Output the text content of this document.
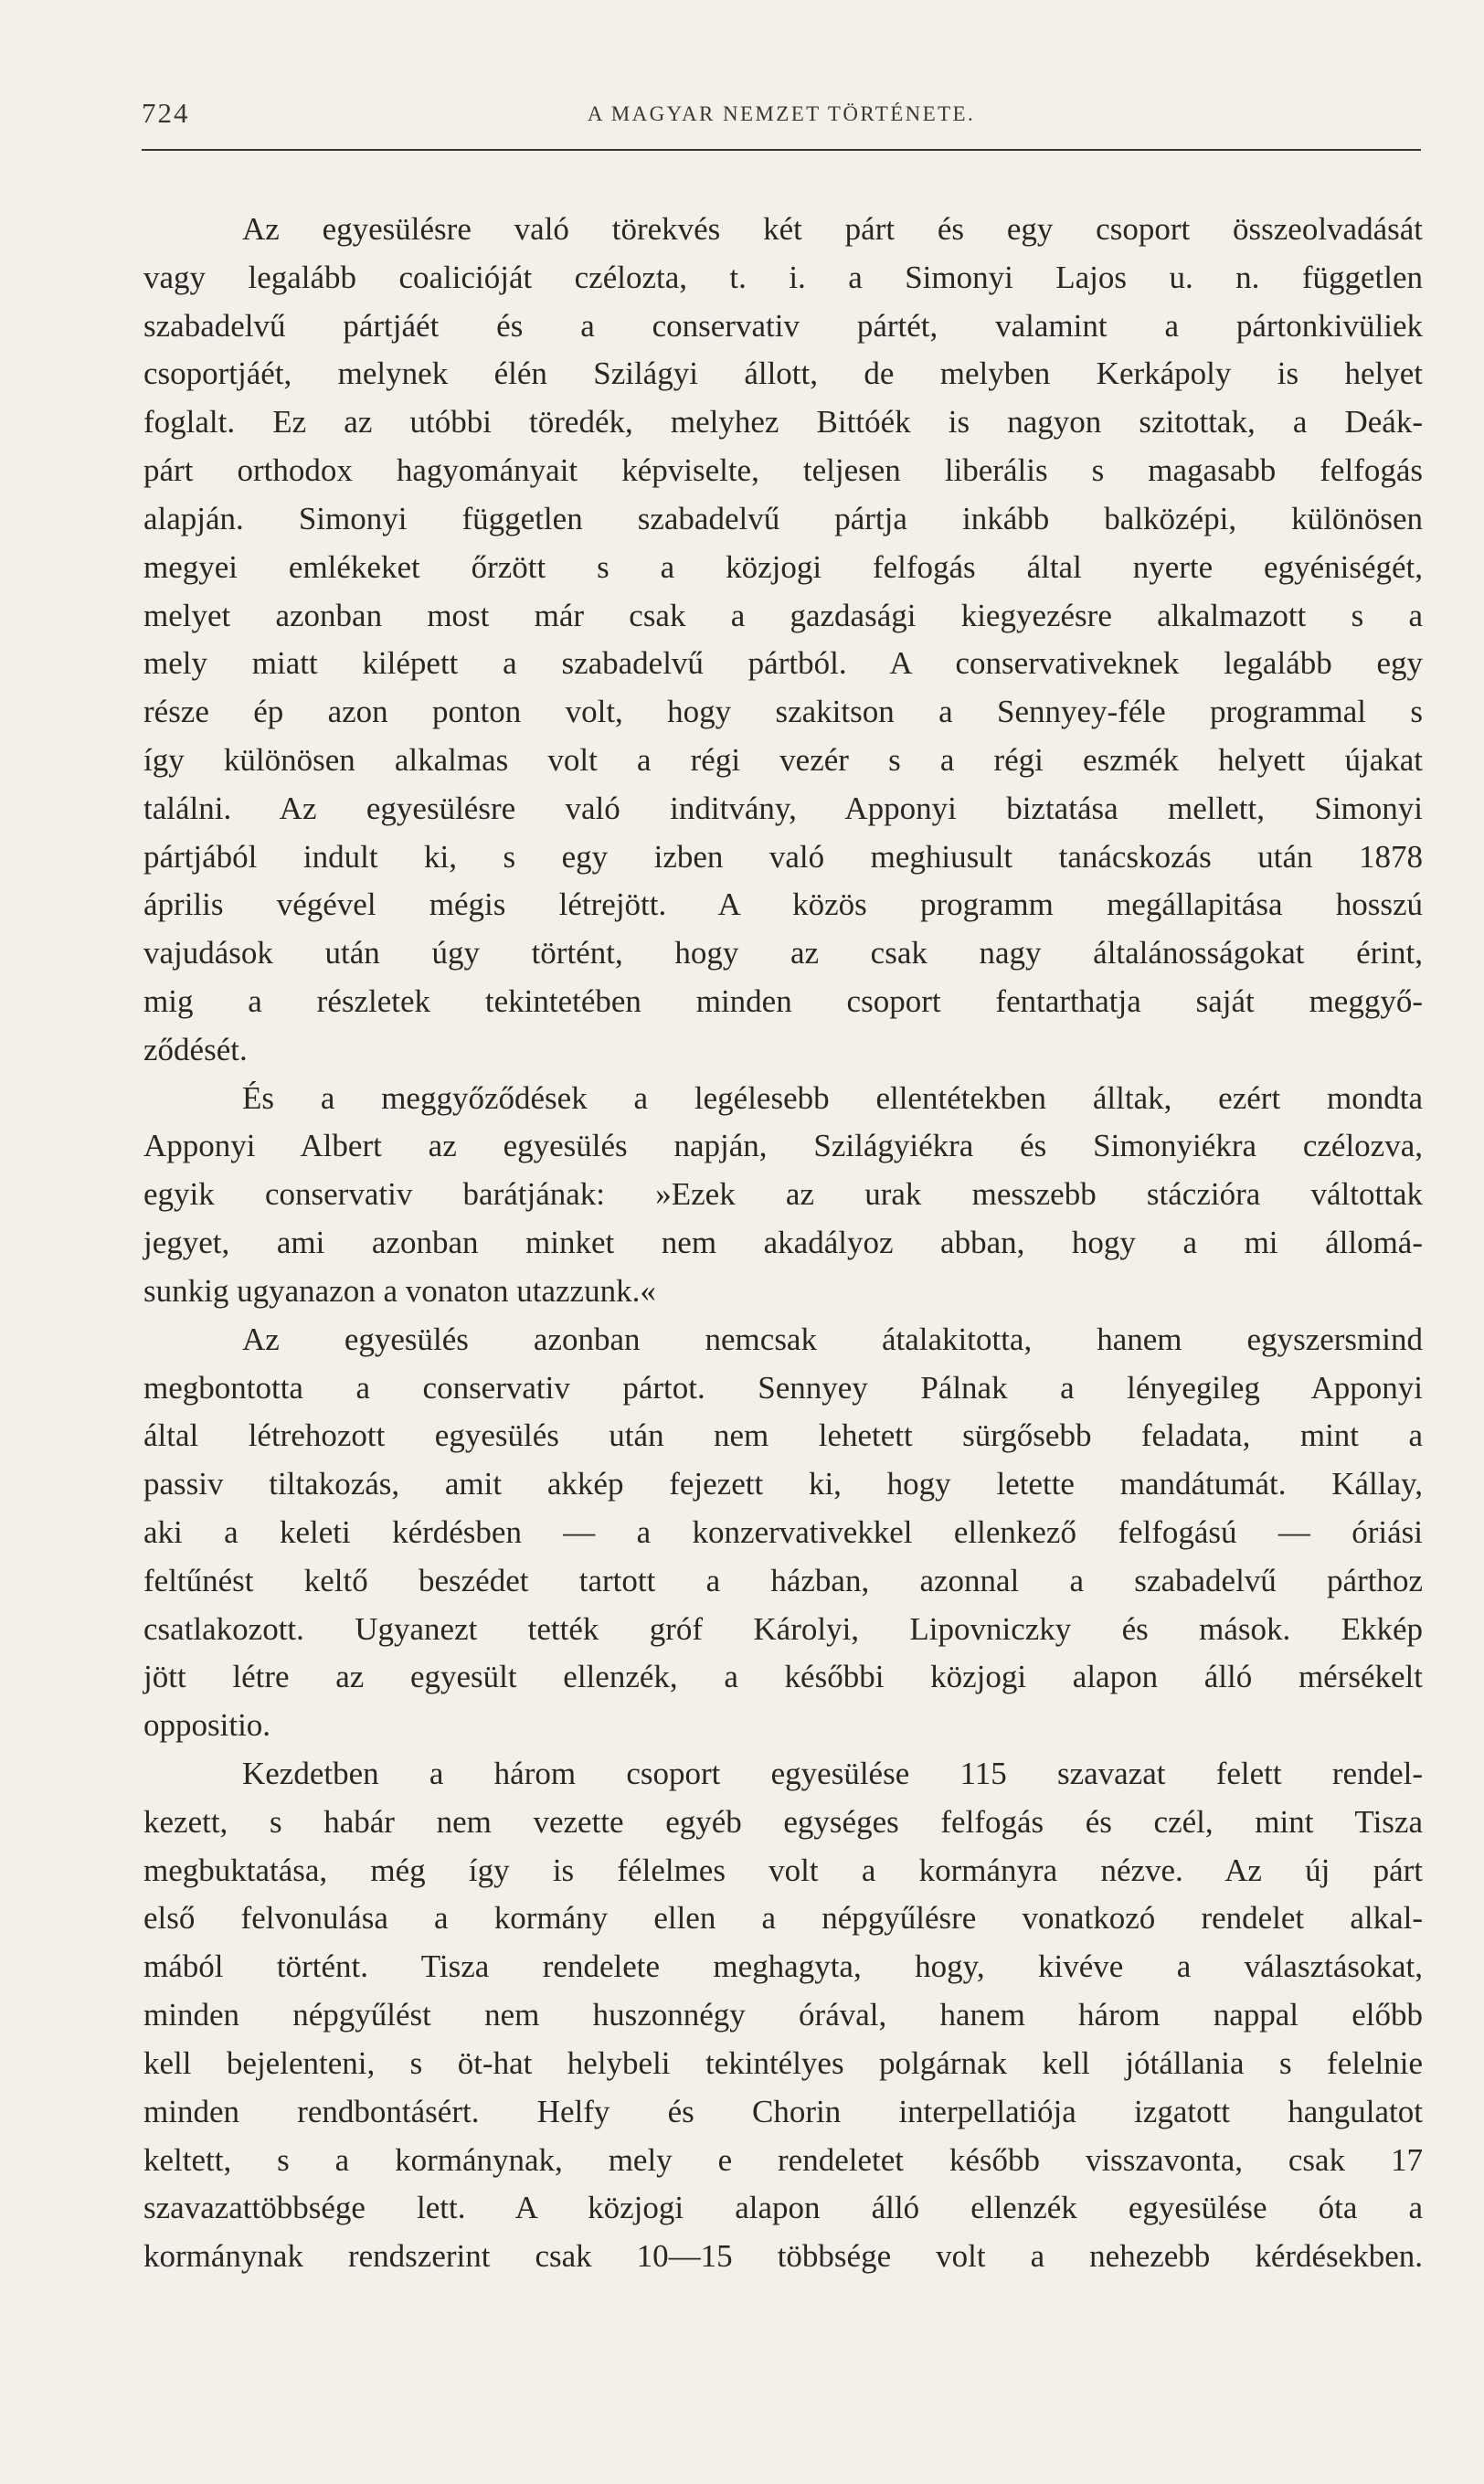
724	A MAGYAR NEMZET TÖRTÉNETE.
Az egyesülésre való törekvés két párt és egy csoport összeolvadását
vagy legalább coalicióját czélozta, t. i. a Simonyi Lajos u. n. független
szabadelvű pártjáét és a conservativ pártét, valamint a pártonkivüliek
csoportjáét, melynek élén Szilágyi állott, de melyben Kerkápoly is helyet
foglalt. Ez az utóbbi töredék, melyhez Bittóék is nagyon szitottak, a Deák-
párt orthodox hagyományait képviselte, teljesen liberális s magasabb felfogás
alapján. Simonyi független szabadelvű pártja inkább balközépi, különösen
megyei emlékeket őrzött s a közjogi felfogás által nyerte egyéniségét,
melyet azonban most már csak a gazdasági kiegyezésre alkalmazott s a
mely miatt kilépett a szabadelvű pártból. A conservativeknek legalább egy
része ép azon ponton volt, hogy szakitson a Sennyey-féle programmal s
így különösen alkalmas volt a régi vezér s a régi eszmék helyett újakat
találni. Az egyesülésre való inditvány, Apponyi biztatása mellett, Simonyi
pártjából indult ki, s egy izben való meghiusult tanácskozás után 1878
április végével mégis létrejött. A közös programm megállapitása hosszú
vajudások után úgy történt, hogy az csak nagy általánosságokat érint,
mig a részletek tekintetében minden csoport fentarthatja saját meggyő-
ződését.
És a meggyőződések a legélesebb ellentétekben álltak, ezért mondta
Apponyi Albert az egyesülés napján, Szilágyiékra és Simonyiékra czélozva,
egyik conservativ barátjának: »Ezek az urak messzebb stáczióra váltottak
jegyet, ami azonban minket nem akadályoz abban, hogy a mi állomá-
sunkig ugyanazon a vonaton utazzunk.«
Az egyesülés azonban nemcsak átalakitotta, hanem egyszersmind
megbontotta a conservativ pártot. Sennyey Pálnak a lényegileg Apponyi
által létrehozott egyesülés után nem lehetett sürgősebb feladata, mint a
passiv tiltakozás, amit akkép fejezett ki, hogy letette mandátumát. Kállay,
aki a keleti kérdésben — a konzervativekkel ellenkező felfogású — óriási
feltűnést keltő beszédet tartott a házban, azonnal a szabadelvű párthoz
csatlakozott. Ugyanezt tették gróf Károlyi, Lipovniczky és mások. Ekkép
jött létre az egyesült ellenzék, a későbbi közjogi alapon álló mérsékelt
oppositio.
Kezdetben a három csoport egyesülése 115 szavazat felett rendel-
kezett, s habár nem vezette egyéb egységes felfogás és czél, mint Tisza
megbuktatása, még így is félelmes volt a kormányra nézve. Az új párt
első felvonulása a kormány ellen a népgyűlésre vonatkozó rendelet alkal-
mából történt. Tisza rendelete meghagyta, hogy, kivéve a választásokat,
minden népgyűlést nem huszonnégy órával, hanem három nappal előbb
kell bejelenteni, s öt-hat helybeli tekintélyes polgárnak kell jótállania s felelnie
minden rendbontásért. Helfy és Chorin interpellatiója izgatott hangulatot
keltett, s a kormánynak, mely e rendeletet később visszavonta, csak 17
szavazattöbbsége lett. A közjogi alapon álló ellenzék egyesülése óta a
kormánynak rendszerint csak 10—15 többsége volt a nehezebb kérdésekben.
